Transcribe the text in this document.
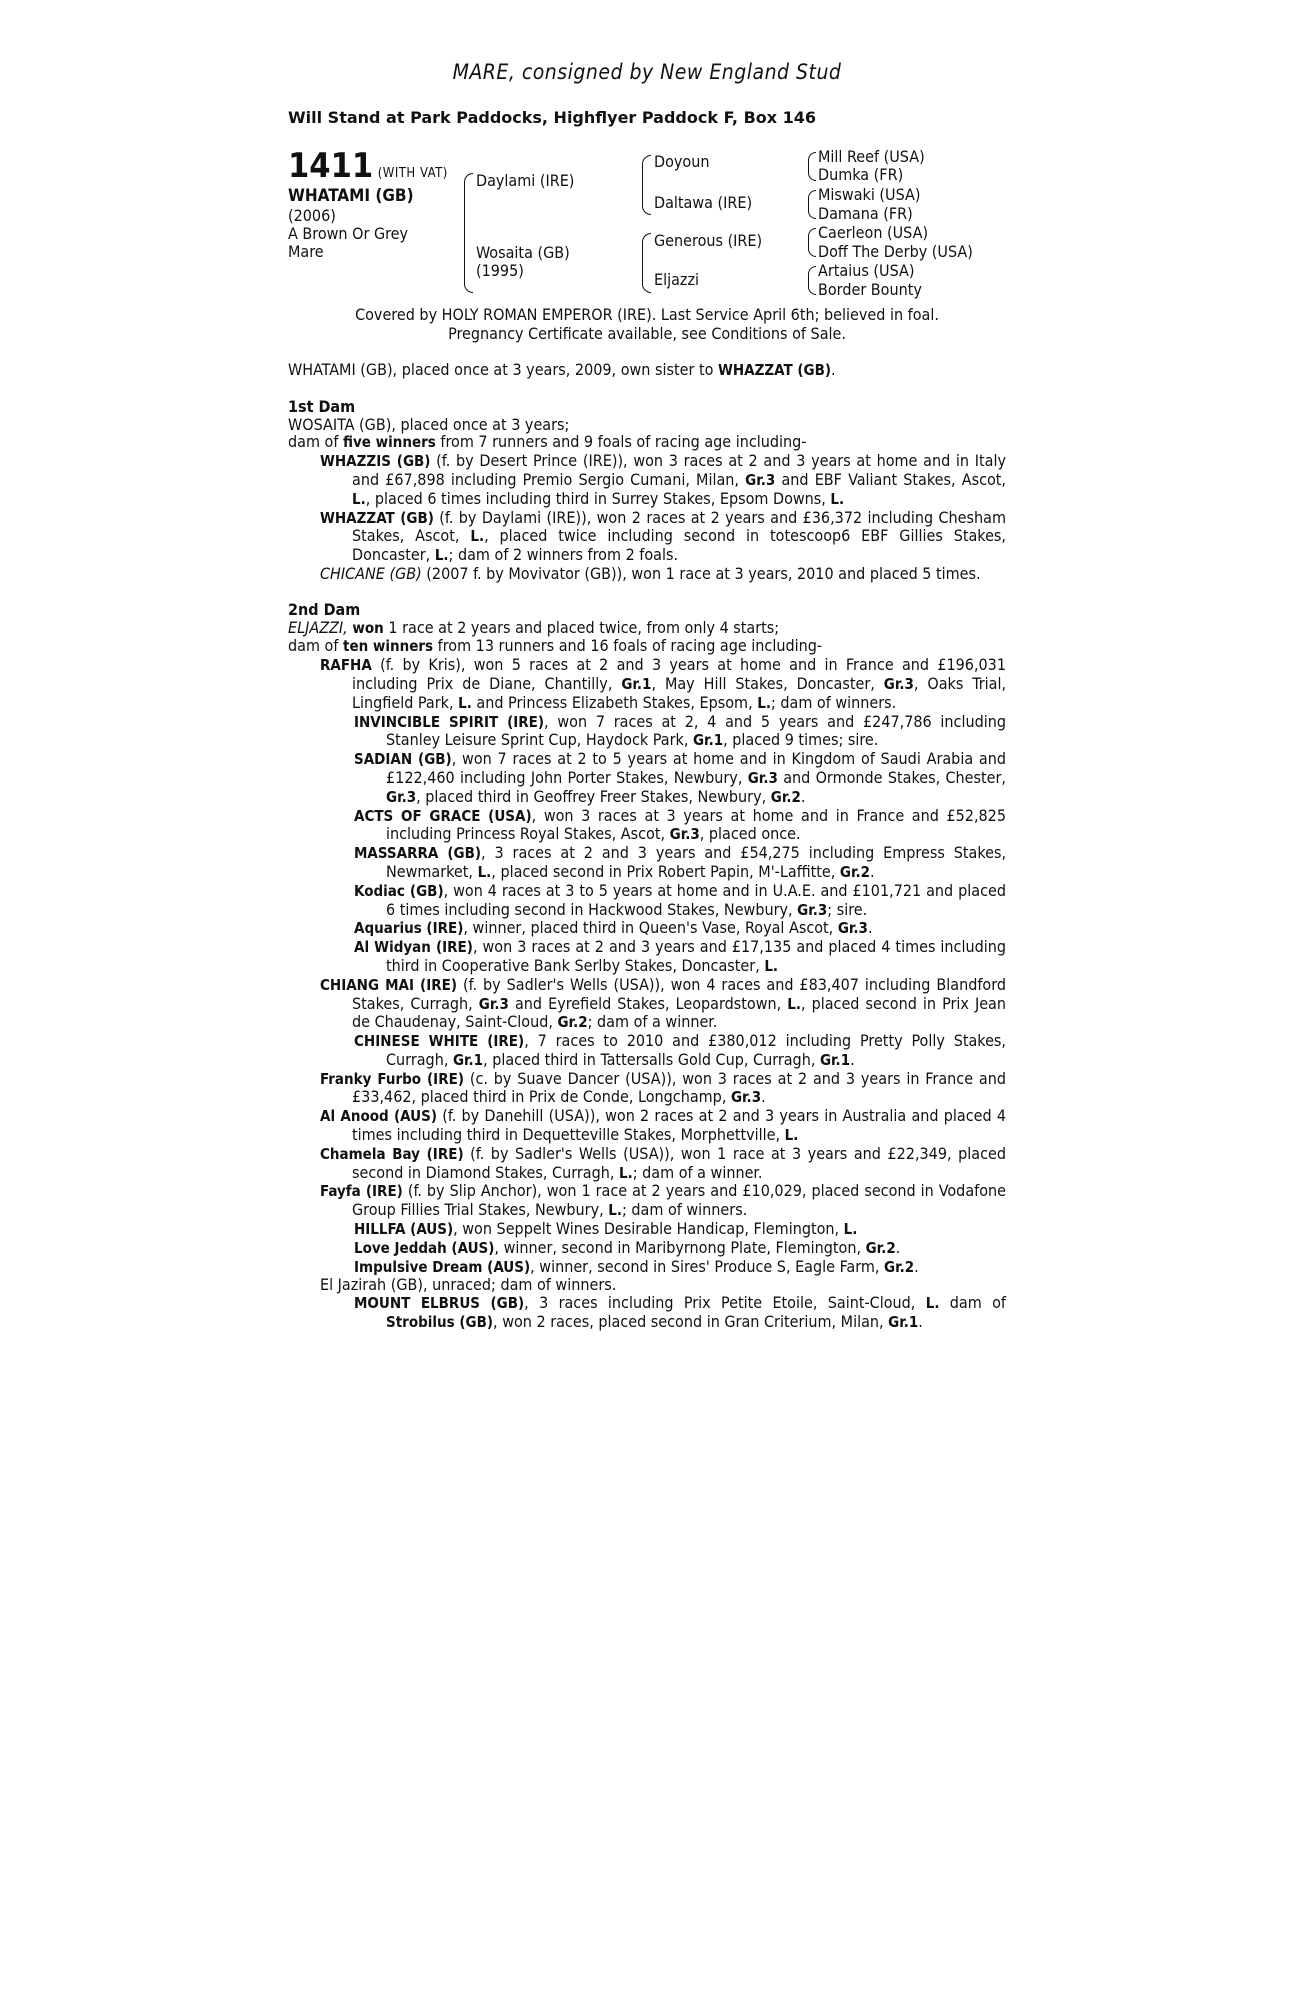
MARE, consigned by New England Stud
Will Stand at Park Paddocks, Highflyer Paddock F, Box 146
1411 (WITH VAT)
WHATAMI (GB)
(2006)
A Brown Or Grey
Mare
Daylami (IRE)
Wosaita (GB)
(1995)
Doyoun
Daltawa (IRE)
Generous (IRE)
Eljazzi
Mill Reef (USA)
Dumka (FR)
Miswaki (USA)
Damana (FR)
Caerleon (USA)
Doff The Derby (USA)
Artaius (USA)
Border Bounty
Covered by HOLY ROMAN EMPEROR (IRE). Last Service April 6th; believed in foal.
Pregnancy Certificate available, see Conditions of Sale.

WHATAMI (GB), placed once at 3 years, 2009, own sister to WHAZZAT (GB).

1st Dam

WOSAITA (GB), placed once at 3 years;

dam of five winners from 7 runners and 9 foals of racing age including-

WHAZZIS (GB) (f. by Desert Prince (IRE)), won 3 races at 2 and 3 years at home and in Italy and £67,898 including Premio Sergio Cumani, Milan, Gr.3 and EBF Valiant Stakes, Ascot, L., placed 6 times including third in Surrey Stakes, Epsom Downs, L.

WHAZZAT (GB) (f. by Daylami (IRE)), won 2 races at 2 years and £36,372 including Chesham Stakes, Ascot, L., placed twice including second in totescoop6 EBF Gillies Stakes, Doncaster, L.; dam of 2 winners from 2 foals.

CHICANE (GB) (2007 f. by Movivator (GB)), won 1 race at 3 years, 2010 and placed 5 times.

2nd Dam

ELJAZZI, won 1 race at 2 years and placed twice, from only 4 starts;

dam of ten winners from 13 runners and 16 foals of racing age including-

RAFHA (f. by Kris), won 5 races at 2 and 3 years at home and in France and £196,031 including Prix de Diane, Chantilly, Gr.1, May Hill Stakes, Doncaster, Gr.3, Oaks Trial, Lingfield Park, L. and Princess Elizabeth Stakes, Epsom, L.; dam of winners.

INVINCIBLE SPIRIT (IRE), won 7 races at 2, 4 and 5 years and £247,786 including Stanley Leisure Sprint Cup, Haydock Park, Gr.1, placed 9 times; sire.

SADIAN (GB), won 7 races at 2 to 5 years at home and in Kingdom of Saudi Arabia and £122,460 including John Porter Stakes, Newbury, Gr.3 and Ormonde Stakes, Chester, Gr.3, placed third in Geoffrey Freer Stakes, Newbury, Gr.2.

ACTS OF GRACE (USA), won 3 races at 3 years at home and in France and £52,825 including Princess Royal Stakes, Ascot, Gr.3, placed once.

MASSARRA (GB), 3 races at 2 and 3 years and £54,275 including Empress Stakes, Newmarket, L., placed second in Prix Robert Papin, M'-Laffitte, Gr.2.

Kodiac (GB), won 4 races at 3 to 5 years at home and in U.A.E. and £101,721 and placed 6 times including second in Hackwood Stakes, Newbury, Gr.3; sire.

Aquarius (IRE), winner, placed third in Queen's Vase, Royal Ascot, Gr.3.

Al Widyan (IRE), won 3 races at 2 and 3 years and £17,135 and placed 4 times including third in Cooperative Bank Serlby Stakes, Doncaster, L.

CHIANG MAI (IRE) (f. by Sadler's Wells (USA)), won 4 races and £83,407 including Blandford Stakes, Curragh, Gr.3 and Eyrefield Stakes, Leopardstown, L., placed second in Prix Jean de Chaudenay, Saint-Cloud, Gr.2; dam of a winner.

CHINESE WHITE (IRE), 7 races to 2010 and £380,012 including Pretty Polly Stakes, Curragh, Gr.1, placed third in Tattersalls Gold Cup, Curragh, Gr.1.

Franky Furbo (IRE) (c. by Suave Dancer (USA)), won 3 races at 2 and 3 years in France and £33,462, placed third in Prix de Conde, Longchamp, Gr.3.

Al Anood (AUS) (f. by Danehill (USA)), won 2 races at 2 and 3 years in Australia and placed 4 times including third in Dequetteville Stakes, Morphettville, L.

Chamela Bay (IRE) (f. by Sadler's Wells (USA)), won 1 race at 3 years and £22,349, placed second in Diamond Stakes, Curragh, L.; dam of a winner.

Fayfa (IRE) (f. by Slip Anchor), won 1 race at 2 years and £10,029, placed second in Vodafone Group Fillies Trial Stakes, Newbury, L.; dam of winners.

HILLFA (AUS), won Seppelt Wines Desirable Handicap, Flemington, L.

Love Jeddah (AUS), winner, second in Maribyrnong Plate, Flemington, Gr.2.

Impulsive Dream (AUS), winner, second in Sires' Produce S, Eagle Farm, Gr.2.

El Jazirah (GB), unraced; dam of winners.

MOUNT ELBRUS (GB), 3 races including Prix Petite Etoile, Saint-Cloud, L. dam of Strobilus (GB), won 2 races, placed second in Gran Criterium, Milan, Gr.1.
